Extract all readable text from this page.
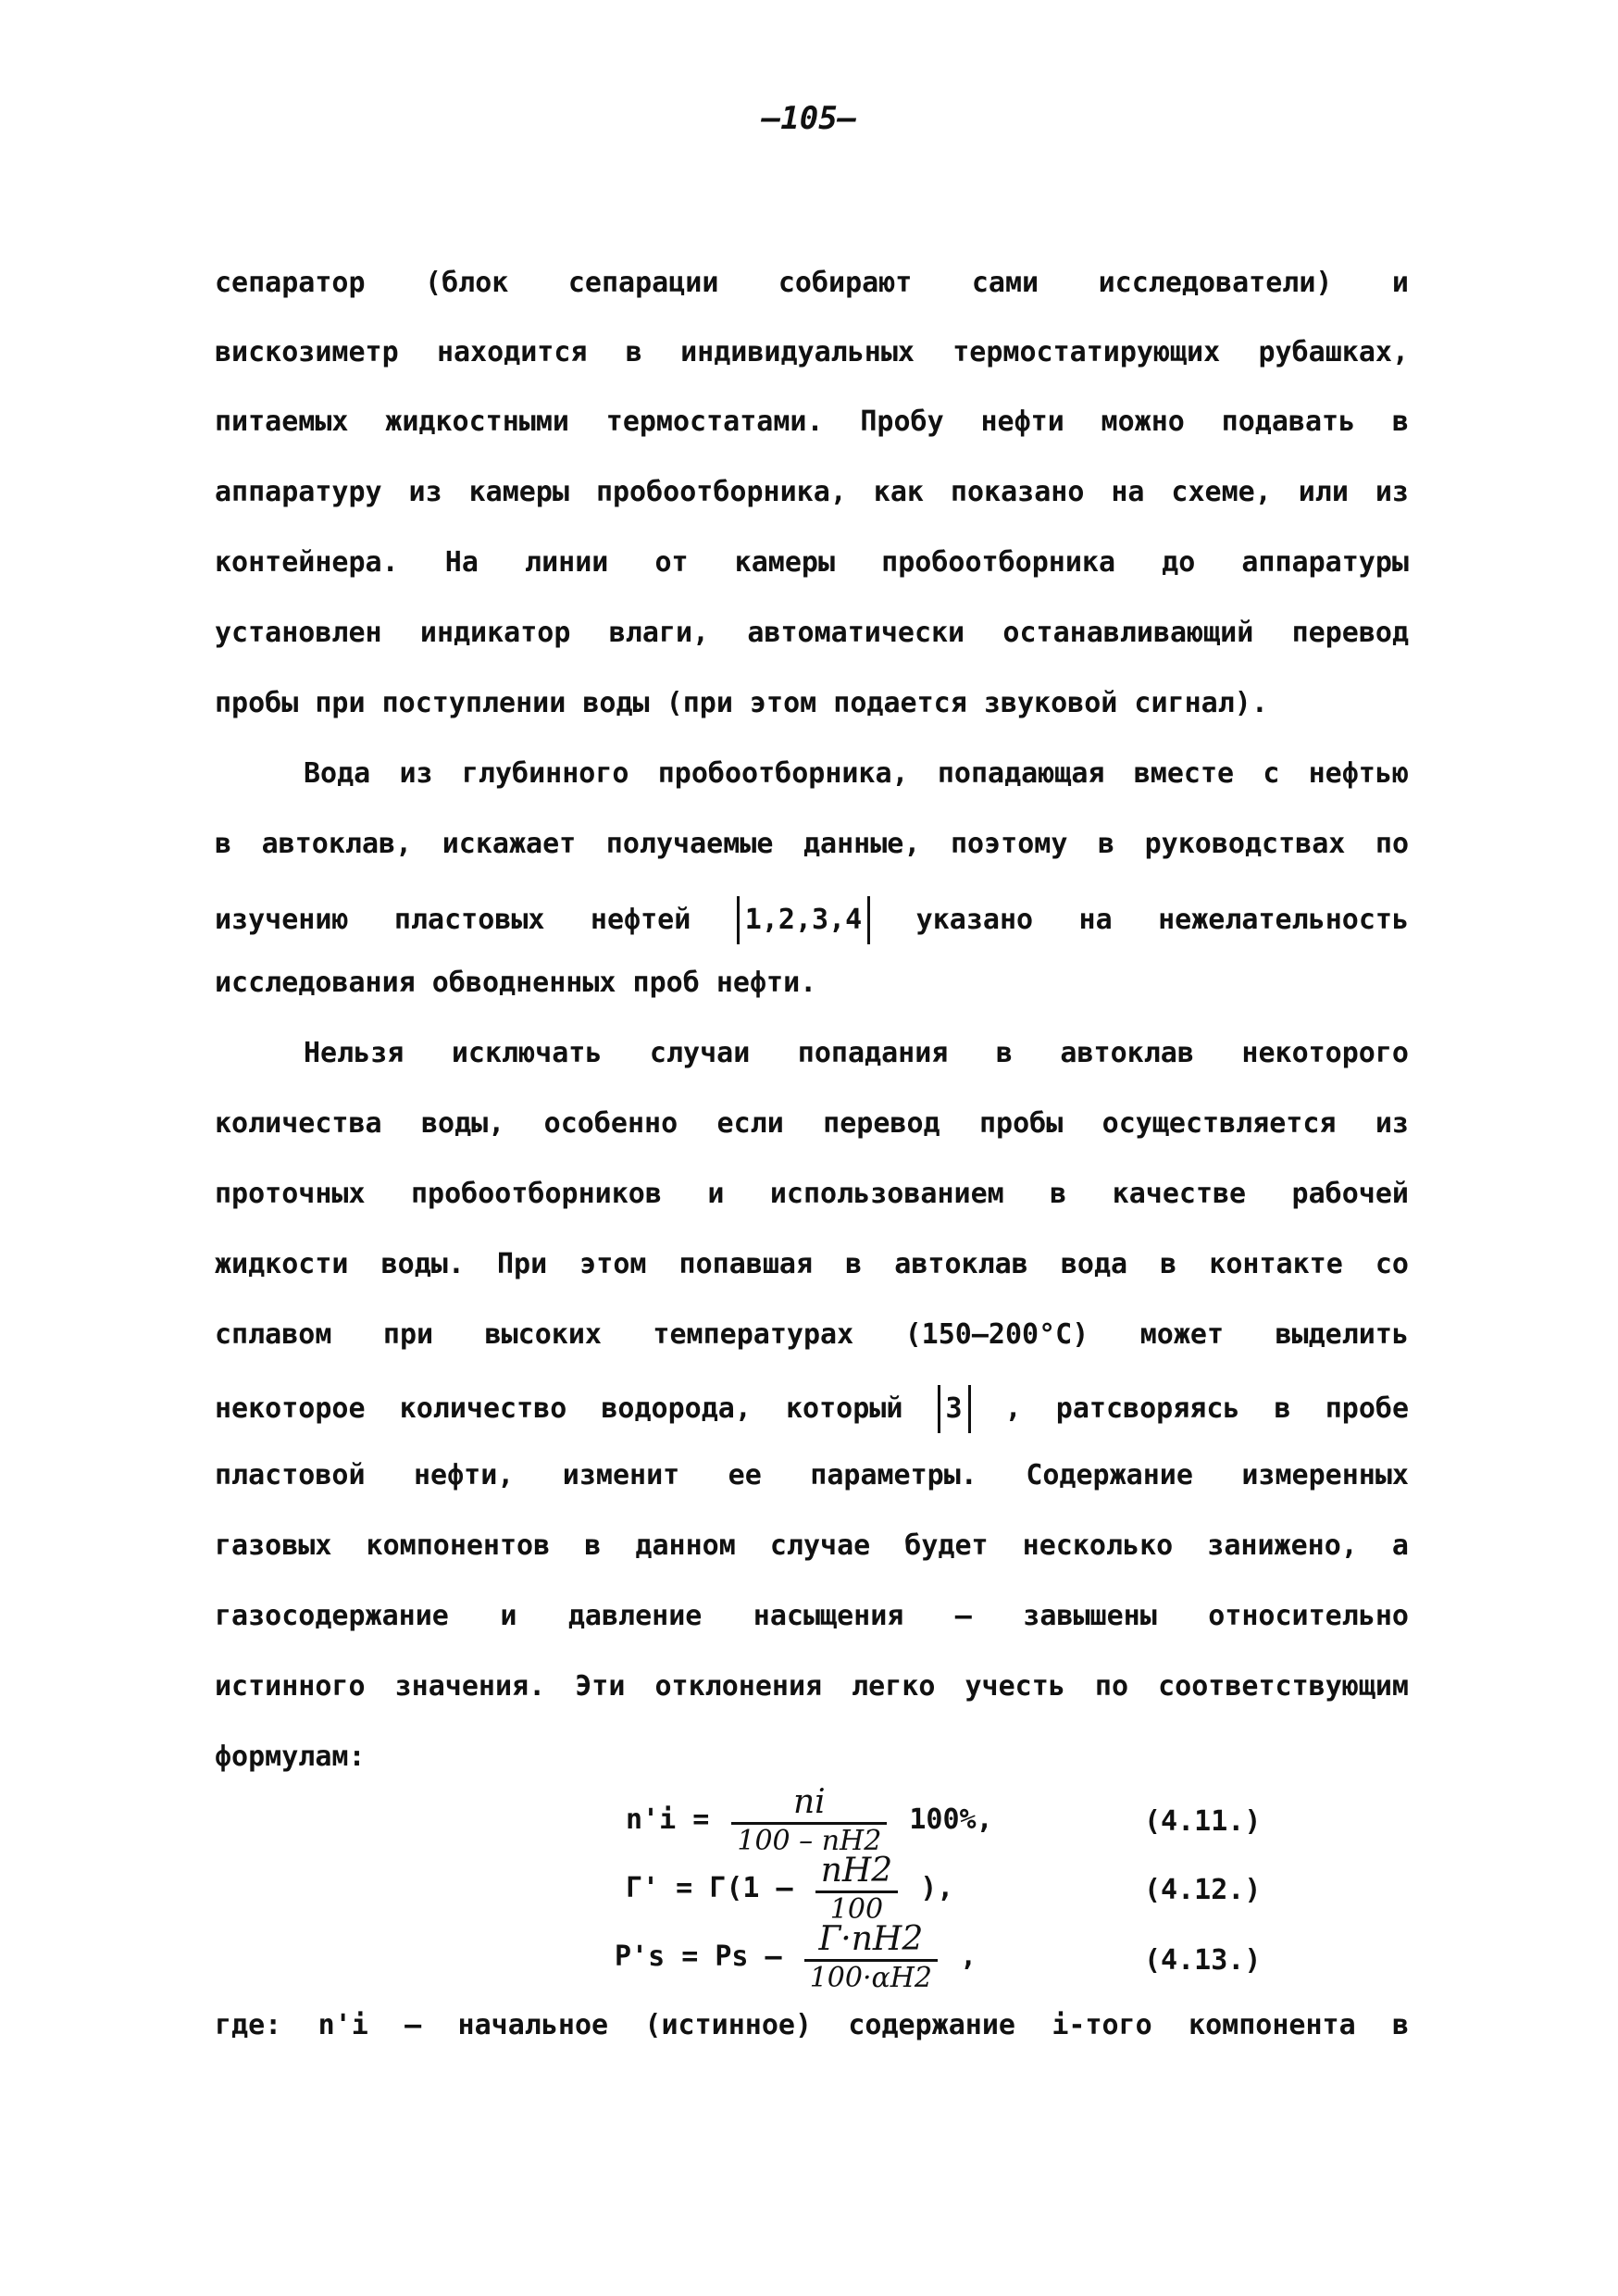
–105–
сепаратор (блок сепарации собирают сами исследователи) и
вискозиметр находится в индивидуальных термостатирующих рубашках,
питаемых жидкостными термостатами. Пробу нефти можно подавать в
аппаратуру из камеры пробоотборника, как показано на схеме, или из
контейнера. На линии от камеры пробоотборника до аппаратуры
установлен индикатор влаги, автоматически останавливающий перевод
пробы при поступлении воды (при этом подается звуковой сигнал).
Вода из глубинного пробоотборника, попадающая вместе с нефтью
в автоклав, искажает получаемые данные, поэтому в руководствах по
изучению пластовых нефтей 1,2,3,4 указано на нежелательность
исследования обводненных проб нефти.
Нельзя исключать случаи попадания в автоклав некоторого
количества воды, особенно если перевод пробы осуществляется из
проточных пробоотборников и использованием в качестве рабочей
жидкости воды. При этом попавшая в автоклав вода в контакте со
сплавом при высоких температурах (150–200°С) может выделить
некоторое количество водорода, который 3 , ратсворяясь в пробе
пластовой нефти, изменит ее параметры. Содержание измеренных
газовых компонентов в данном случае будет несколько занижено, а
газосодержание и давление насыщения – завышены относительно
истинного значения. Эти отклонения легко учесть по соответствующим
формулам:
$n'i = \frac{ni}{100 - nH2} 100\%$,	(4.11.)
$Г' = Г(1 - \frac{nH2}{100}$ ),	(4.12.)
$P's = Ps - \frac{Г\cdot nH2}{100\cdot\alpha H2}$ ,	(4.13.)
где: n'i – начальное (истинное) содержание i-того компонента в
